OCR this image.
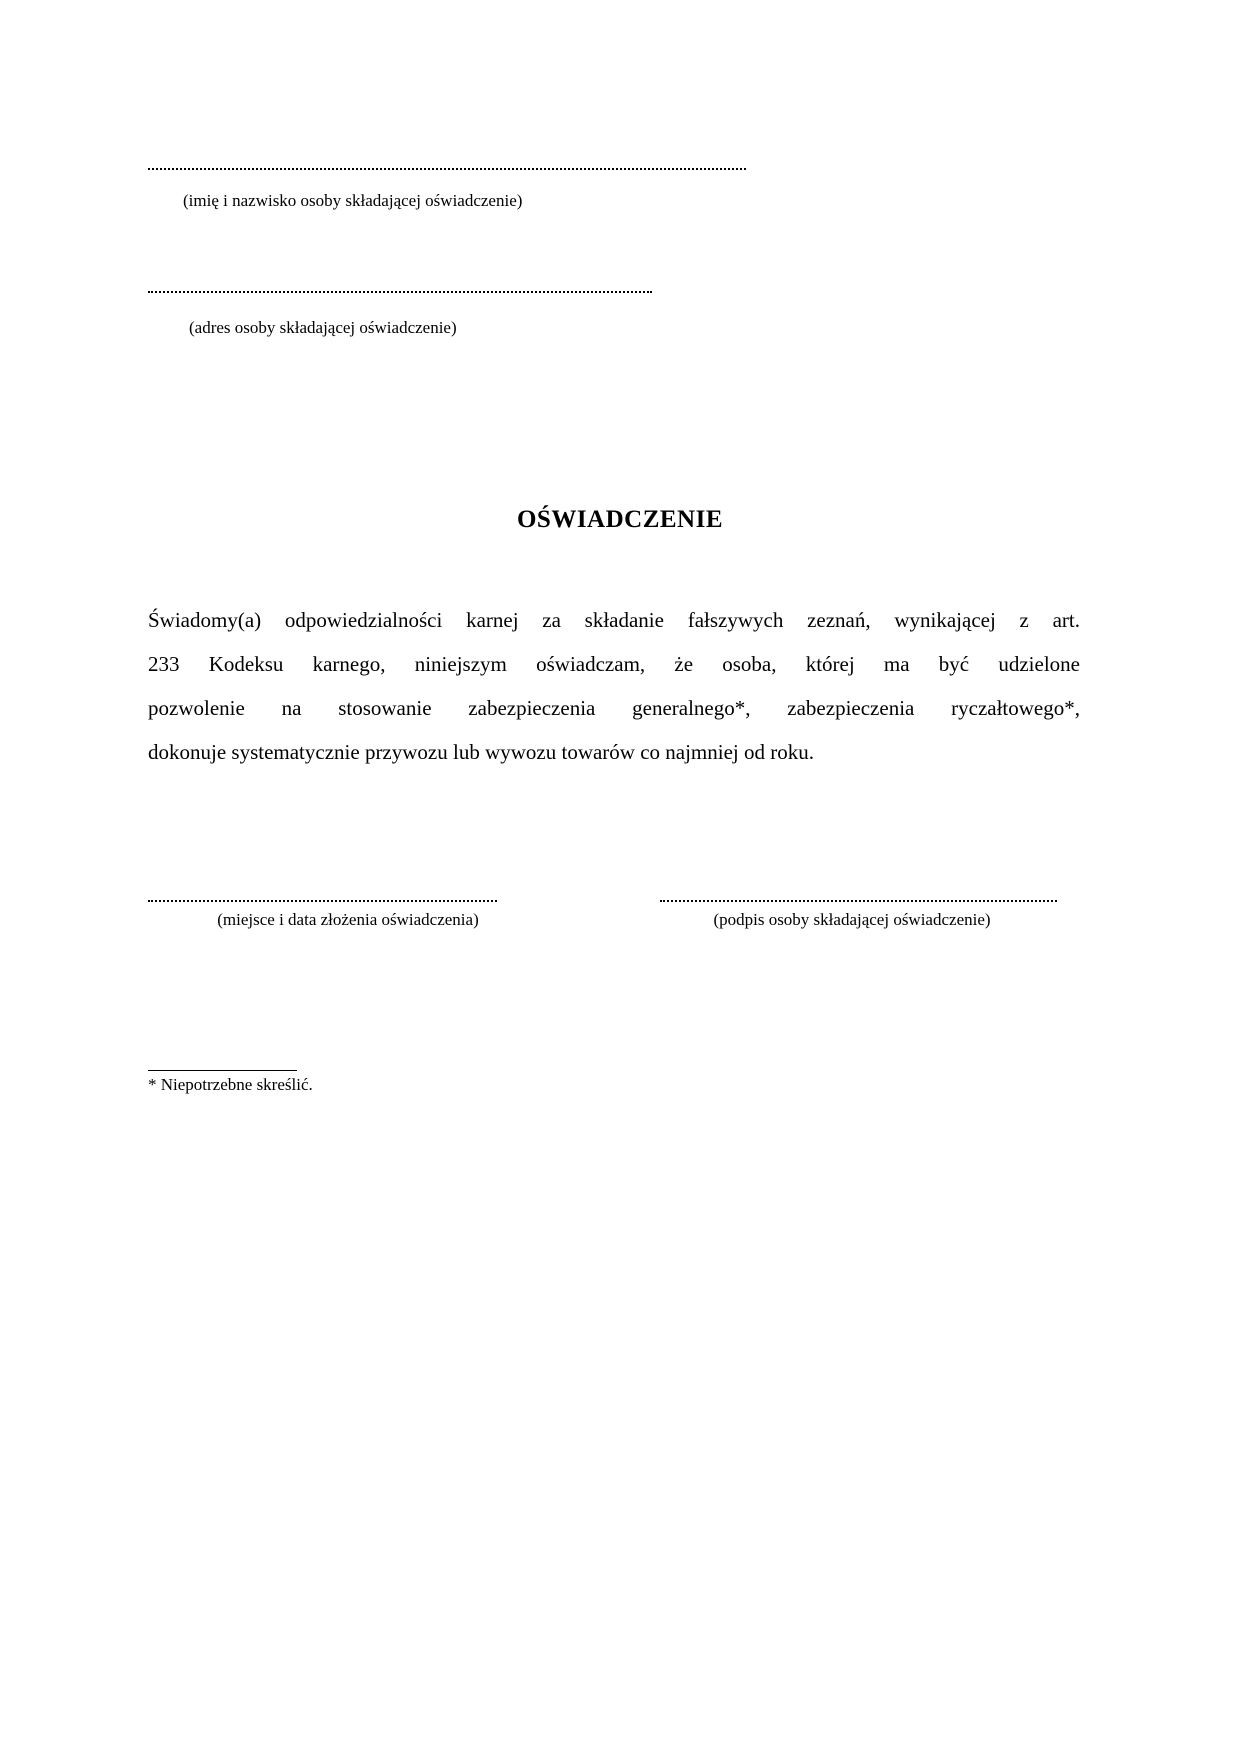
(imię i nazwisko osoby składającej oświadczenie)
(adres osoby składającej oświadczenie)
OŚWIADCZENIE
Świadomy(a) odpowiedzialności karnej za składanie fałszywych zeznań, wynikającej z art.
233 Kodeksu karnego, niniejszym oświadczam, że osoba, której ma być udzielone
pozwolenie na stosowanie zabezpieczenia generalnego*, zabezpieczenia ryczałtowego*,
dokonuje systematycznie przywozu lub wywozu towarów co najmniej od roku.
(miejsce i data złożenia oświadczenia)	(podpis osoby składającej oświadczenie)
* Niepotrzebne skreślić.
